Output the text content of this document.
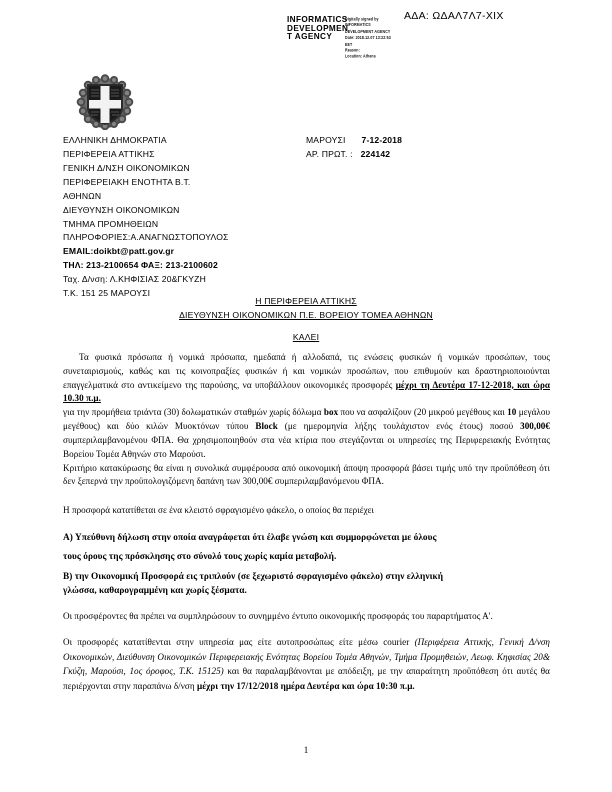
ΑΔΑ: ΩΔΑΛ7Λ7-ΧΙΧ
INFORMATICS
DEVELOPMEN
T AGENCY
Digitally signed by
INFORMATICS
DEVELOPMENT AGENCY
Date: 2018.12.07 13:22:53
EET
Reason:
Location: Athens
ΕΛΛΗΝΙΚΗ ΔΗΜΟΚΡΑΤΙΑ
ΠΕΡΙΦΕΡΕΙΑ ΑΤΤΙΚΗΣ
ΓΕΝΙΚΗ Δ/ΝΣΗ ΟΙΚΟΝΟΜΙΚΩΝ
ΠΕΡΙΦΕΡΕΙΑΚΗ ΕΝΟΤΗΤΑ Β.Τ.
ΑΘΗΝΩΝ
ΔΙΕΥΘΥΝΣΗ ΟΙΚΟΝΟΜΙΚΩΝ
ΤΜΗΜΑ ΠΡΟΜΗΘΕΙΩΝ
ΠΛΗΡΟΦΟΡΙΕΣ:Α.ΑΝΑΓΝΩΣΤΟΠΟΥΛΟΣ
EMAIL:doikbt@patt.gov.gr
ΤΗΛ: 213-2100654 ΦΑΞ: 213-2100602
Ταχ. Δ/νση: Λ.ΚΗΦΙΣΙΑΣ 20&ΓΚΥΖΗ
Τ.Κ. 151 25 ΜΑΡΟΥΣΙ
ΜΑΡΟΥΣΙ 7-12-2018
ΑΡ. ΠΡΩΤ. : 224142
Η ΠΕΡΙΦΕΡΕΙΑ ΑΤΤΙΚΗΣ
ΔΙΕΥΘΥΝΣΗ ΟΙΚΟΝΟΜΙΚΩΝ Π.Ε. ΒΟΡΕΙΟΥ ΤΟΜΕΑ ΑΘΗΝΩΝ
ΚΑΛΕΙ

Τα φυσικά πρόσωπα ή νομικά πρόσωπα, ημεδαπά ή αλλοδαπά, τις ενώσεις φυσικών ή νομικών προσώπων, τους συνεταιρισμούς, καθώς και τις κοινοπραξίες φυσικών ή και νομικών προσώπων, που επιθυμούν και δραστηριοποιούνται επαγγελματικά στο αντικείμενο της παρούσης, να υποβάλλουν οικονομικές προσφορές μέχρι τη Δευτέρα 17-12-2018, και ώρα 10.30 π.μ.

για την προμήθεια τριάντα (30) δολωματικών σταθμών χωρίς δόλωμα box που να ασφαλίζουν (20 μικρού μεγέθους και 10 μεγάλου μεγέθους) και δύο κιλών Μυοκτόνων τύπου Block (με ημερομηνία λήξης τουλάχιστον ενός έτους) ποσού 300,00€ συμπεριλαμβανομένου ΦΠΑ. Θα χρησιμοποιηθούν στα νέα κτίρια που στεγάζονται οι υπηρεσίες της Περιφερειακής Ενότητας Βορείου Τομέα Αθηνών στο Μαρούσι.

Κριτήριο κατακύρωσης θα είναι η συνολικά συμφέρουσα από οικονομική άποψη προσφορά βάσει τιμής υπό την προϋπόθεση ότι δεν ξεπερνά την προϋπολογιζόμενη δαπάνη των 300,00€ συμπεριλαμβανόμενου ΦΠΑ.

Η προσφορά κατατίθεται σε ένα κλειστό σφραγισμένο φάκελο, ο οποίος θα περιέχει

Α) Υπεύθυνη δήλωση στην οποία αναγράφεται ότι έλαβε γνώση και συμμορφώνεται με όλους

τους όρους της πρόσκλησης στο σύνολό τους χωρίς καμία μεταβολή.

Β) την Οικονομική Προσφορά εις τριπλούν (σε ξεχωριστό σφραγισμένο φάκελο) στην ελληνική

γλώσσα, καθαρογραμμένη και χωρίς ξέσματα.

Οι προσφέροντες θα πρέπει να συμπληρώσουν το συνημμένο έντυπο οικονομικής προσφοράς του παραρτήματος Α'.

Οι προσφορές κατατίθενται στην υπηρεσία μας είτε αυτοπροσώπως είτε μέσω courier (Περιφέρεια Αττικής, Γενική Δ/νση Οικονομικών, Διεύθυνση Οικονομικών Περιφερειακής Ενότητας Βορείου Τομέα Αθηνών, Τμήμα Προμηθειών, Λεωφ. Κηφισίας 20& Γκύζη, Μαρούσι, 1ος όροφος, Τ.Κ. 15125) και θα παραλαμβάνονται με απόδειξη, με την απαραίτητη προϋπόθεση ότι αυτές θα περιέρχονται στην παραπάνω δ/νση μέχρι την 17/12/2018 ημέρα Δευτέρα και ώρα 10:30 π.μ.

1
